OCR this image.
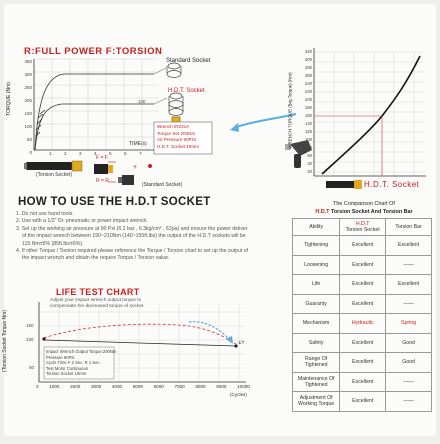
R:FULL POWER F:TORSION
TORQUE (Nm)
350
300
250
200
150
100
50
0	1	2	3	4	5	6	7
TIME(s)
130
Standard Socket
H.D.T. Socket
Wrench IR231A
Torque Set 200Nm
Air Pressure 90PSI
H.D.T. Socket 19mm
+
F = F
R = R
(Torsion Socket)
(Standard Socket)
WRENCH TORQUE (Brg.Torque) (Nm)
320
300
280
260
240
220
200
180
160
140
120
100
80
60
40
20
H.D.T. Socket
HOW TO USE THE H.D.T SOCKET
1. Do not use hand tools.
2. Use with a 1/2" Dr. pneumatic or power impact wrench.
3. Set up the working air pressure at 90 Psi (6.2 bar , 6.3kg/cm² , 62pa) and ensure the power deliver
of the impact wrench between 190~210Nm (140~155ft.lbs) the output of the H.D.T sockets will be
115 Nm±6% (85ft.lbs±6%)
4. If other Torque / Torsion required please reference the Torque / Torsion chart to set up the output of
the impact wrench and obtain the require Torque / Torsion value.
LIFE TEST CHART
Adjust your impact wrench output torque to
compensate the decreased torque of socket
(Torsion Socket Torque Nm)	150
100
50
0 1000 2000 3000 4000 5000 6000 7000 8000 9000 10000
(Cycles)
1/7
Impact Wrench Output Torque:200Nm
Pressure 90Psi
Cycle Time F 2 Sec. R 1 Sec.
Test Motor Continuous
Torsion Socket 19mm
The Comparison Chart Of
H.D.T Torsion Socket And Torsion Bar
Ability	H.D.T
Torsion Socket	Torsion Bar
Tightening	Excellent	Excellent
Loosening	Excellent	——
Life	Excellent	Excellent
Guaranty	Excellent	——
Mechanism	Hydraulic	Spring
Safety	Excellent	Good
Range Of Tightened	Excellent	Good
Maintenance Of Tightened	Excellent	——
Adjustment Of Working Torque	Excellent	——
